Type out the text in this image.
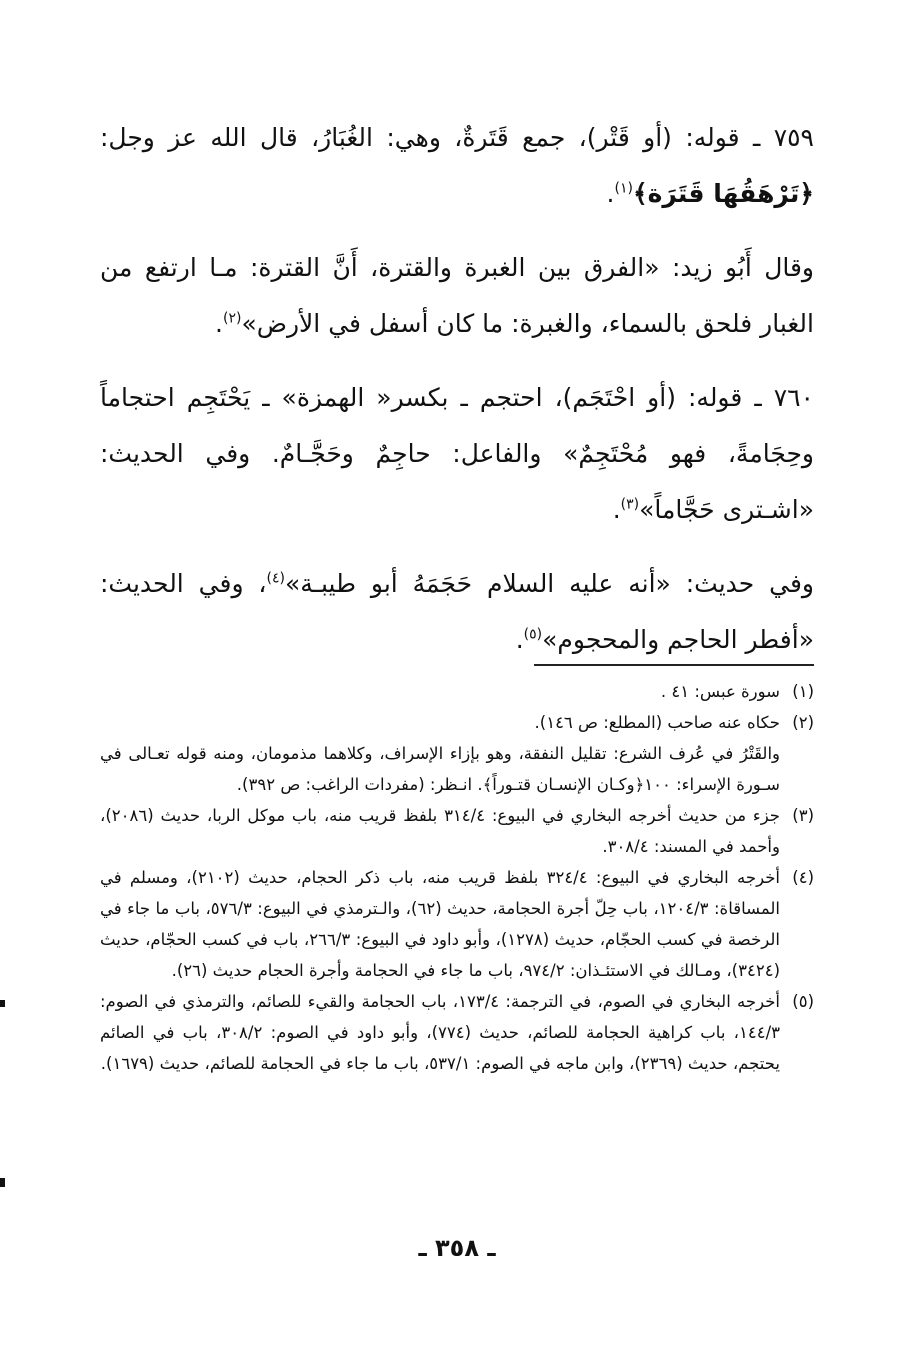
٧٥٩ ـ قوله: (أو قَتْر)، جمع قَتَرةٌ، وهي: الغُبَارُ، قال الله عز وجل: ﴿تَرْهَقُهَا قَتَرَة﴾$^{(١)}$.

وقال أَبُو زيد: «الفرق بين الغبرة والقترة، أَنَّ القترة: مـا ارتفع من الغبار فلحق بالسماء، والغبرة: ما كان أسفل في الأرض»$^{(٢)}$.

٧٦٠ ـ قوله: (أو احْتَجَم)، احتجم ـ بكسر« الهمزة» ـ يَحْتَجِم احتجاماً وحِجَامةً، فهو مُحْتَجِمٌ» والفاعل: حاجِمٌ وحَجَّـامٌ. وفي الحديث: «اشـترى حَجَّاماً»$^{(٣)}$.

وفي حديث: «أنه عليه السلام حَجَمَهُ أبو طيبـة»$^{(٤)}$، وفي الحديث: «أفطر الحاجم والمحجوم»$^{(٥)}$.

(١)
سورة عبس: ٤١ .
(٢)
حكاه عنه صاحب (المطلع: ص ١٤٦).
والقَتْرُ في عُرف الشرع: تقليل النفقة، وهو بإزاء الإسراف، وكلاهما مذمومان، ومنه قوله تعـالى في سـورة الإسراء: ١٠٠﴿وكـان الإنسـان قتـوراً﴾. انـظر: (مفردات الراغب: ص ٣٩٢).
(٣)
جزء من حديث أخرجه البخاري في البيوع: ٣١٤/٤ بلفظ قريب منه، باب موكل الربا، حديث (٢٠٨٦)، وأحمد في المسند: ٣٠٨/٤.
(٤)
أخرجه البخاري في البيوع: ٣٢٤/٤ بلفظ قريب منه، باب ذكر الحجام، حديث (٢١٠٢)، ومسلم في المساقاة: ١٢٠٤/٣، باب حِلّ أجرة الحجامة، حديث (٦٢)، والـترمذي في البيوع: ٥٧٦/٣، باب ما جاء في الرخصة في كسب الحجّام، حديث (١٢٧٨)، وأبو داود في البيوع: ٢٦٦/٣، باب في كسب الحجّام، حديث (٣٤٢٤)، ومـالك في الاستئـذان: ٩٧٤/٢، باب ما جاء في الحجامة وأجرة الحجام حديث (٢٦).
(٥)
أخرجه البخاري في الصوم، في الترجمة: ١٧٣/٤، باب الحجامة والقيء للصائم، والترمذي في الصوم: ١٤٤/٣، باب كراهية الحجامة للصائم، حديث (٧٧٤)، وأبو داود في الصوم: ٣٠٨/٢، باب في الصائم يحتجم، حديث (٢٣٦٩)، وابن ماجه في الصوم: ٥٣٧/١، باب ما جاء في الحجامة للصائم، حديث (١٦٧٩).
ـ ٣٥٨ ـ
